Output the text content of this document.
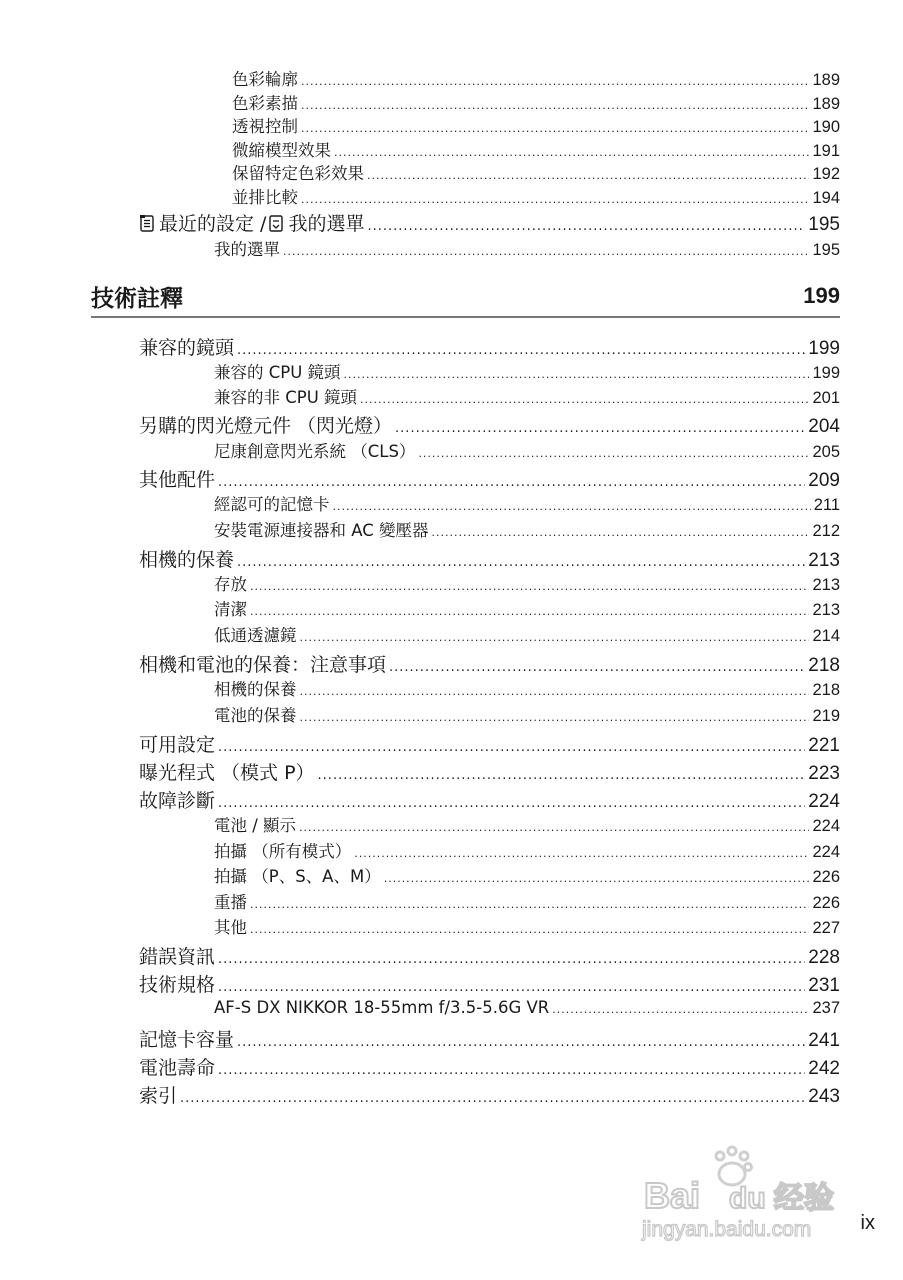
色彩輪廓 .....	189
色彩素描 .....	189
透視控制 .....	190
微縮模型效果 .....	191
保留特定色彩效果 .....	192
並排比較 .....	194
最近的設定 / 我的選單 .....	195
我的選單 .....	195
技術註釋	199
兼容的鏡頭 .....	199
兼容的 CPU 鏡頭 .....	199
兼容的非 CPU 鏡頭 .....	201
另購的閃光燈元件 （閃光燈） .....	204
尼康創意閃光系統 （CLS） .....	205
其他配件 .....	209
經認可的記憶卡 .....	211
安裝電源連接器和 AC 變壓器 .....	212
相機的保養 .....	213
存放 .....	213
清潔 .....	213
低通透濾鏡 .....	214
相機和電池的保養：注意事項 .....	218
相機的保養 .....	218
電池的保養 .....	219
可用設定 .....	221
曝光程式 （模式 P） .....	223
故障診斷 .....	224
電池 / 顯示 .....	224
拍攝 （所有模式） .....	224
拍攝 （P、S、A、M） .....	226
重播 .....	226
其他 .....	227
錯誤資訊 .....	228
技術規格 .....	231
AF-S DX NIKKOR 18-55mm f/3.5-5.6G VR .....	237
記憶卡容量 .....	241
電池壽命 .....	242
索引 .....	243
Bai du 经验
jingyan.baidu.com ix
